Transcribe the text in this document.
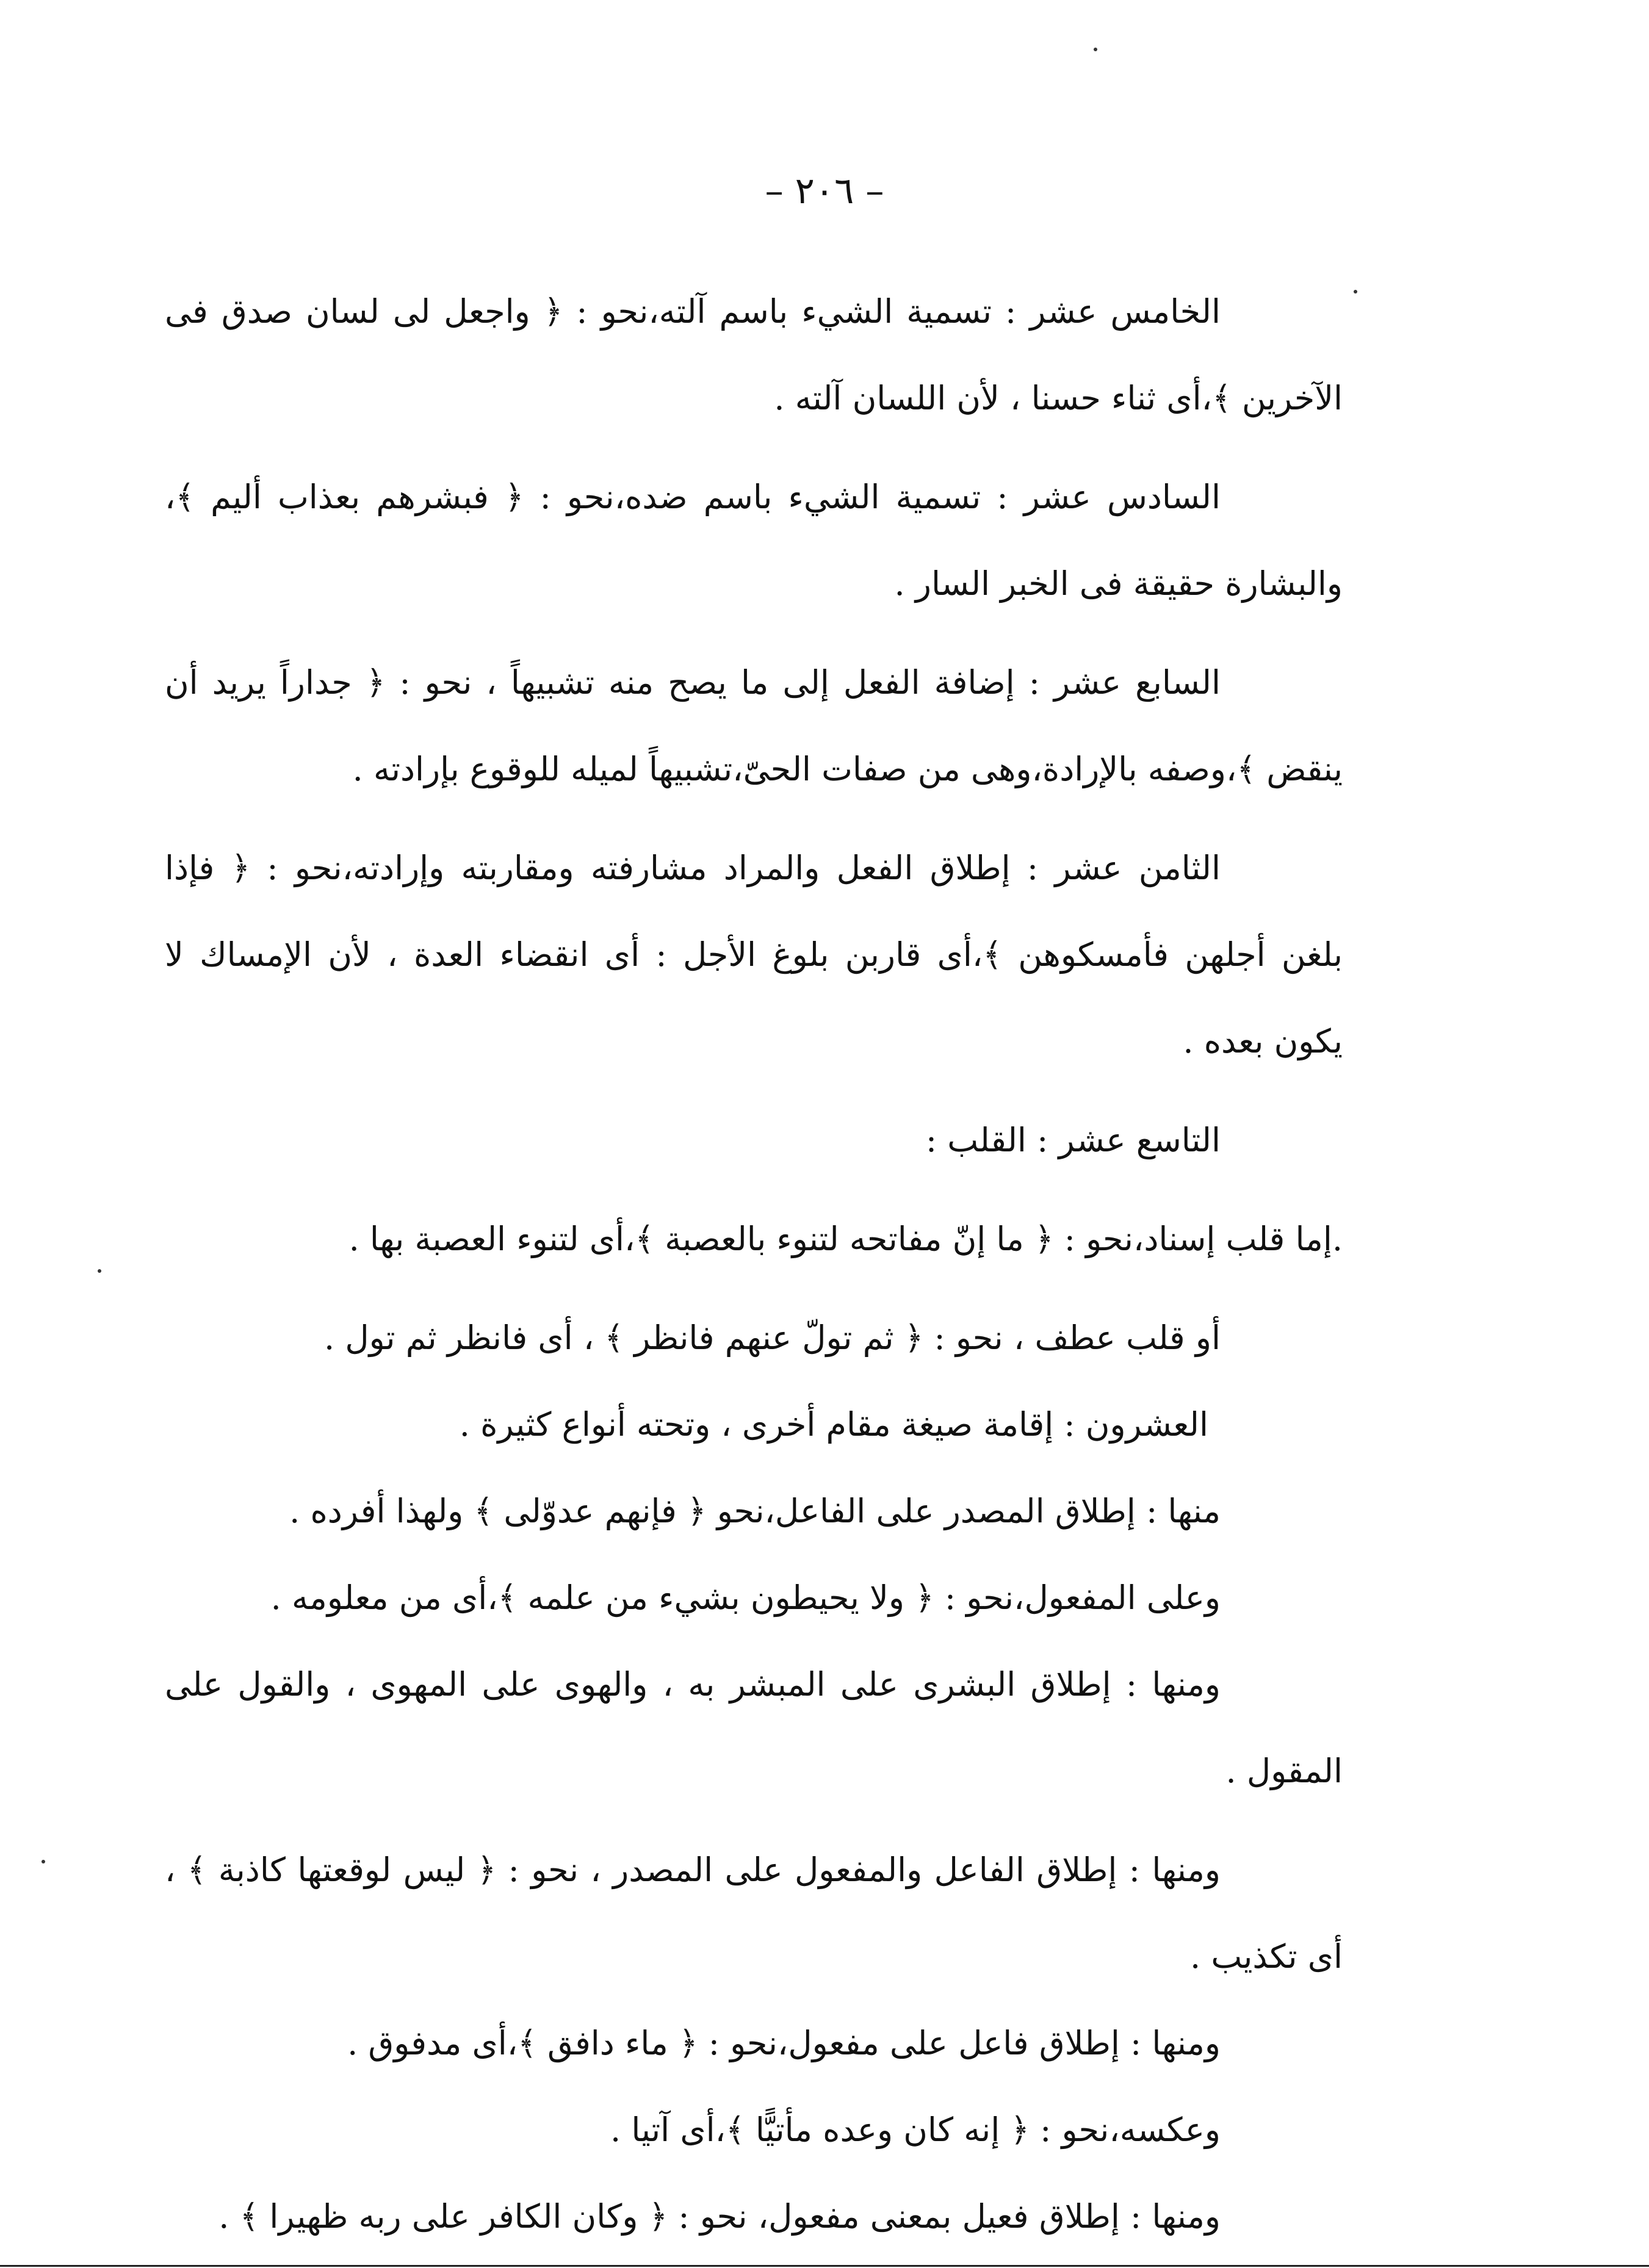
– ٢٠٦ –

الخامس عشر : تسمية الشيء باسم آلته،نحو : ﴿ واجعل لى لسان صدق فى الآخرين ﴾،أى ثناء حسنا ، لأن اللسان آلته .

السادس عشر : تسمية الشيء باسم ضده،نحو : ﴿ فبشرهم بعذاب أليم ﴾، والبشارة حقيقة فى الخبر السار .

السابع عشر : إضافة الفعل إلى ما يصح منه تشبيهاً ، نحو : ﴿ جداراً يريد أن ينقض ﴾،وصفه بالإرادة،وهى من صفات الحىّ،تشبيهاً لميله للوقوع بإرادته .

الثامن عشر : إطلاق الفعل والمراد مشارفته ومقاربته وإرادته،نحو : ﴿ فإذا بلغن أجلهن فأمسكوهن ﴾،أى قاربن بلوغ الأجل : أى انقضاء العدة ، لأن الإمساك لا يكون بعده .

التاسع عشر : القلب :

.إما قلب إسناد،نحو : ﴿ ما إنّ مفاتحه لتنوء بالعصبة ﴾،أى لتنوء العصبة بها .

أو قلب عطف ، نحو : ﴿ ثم تولّ عنهم فانظر ﴾ ، أى فانظر ثم تول .

العشرون : إقامة صيغة مقام أخرى ، وتحته أنواع كثيرة .

منها : إطلاق المصدر على الفاعل،نحو ﴿ فإنهم عدوّلى ﴾ ولهذا أفرده .

وعلى المفعول،نحو : ﴿ ولا يحيطون بشيء من علمه ﴾،أى من معلومه .

ومنها : إطلاق البشرى على المبشر به ، والهوى على المهوى ، والقول على المقول .

ومنها : إطلاق الفاعل والمفعول على المصدر ، نحو : ﴿ ليس لوقعتها كاذبة ﴾ ، أى تكذيب .

ومنها : إطلاق فاعل على مفعول،نحو : ﴿ ماء دافق ﴾،أى مدفوق .

وعكسه،نحو : ﴿ إنه كان وعده مأتيًّا ﴾،أى آتيا .

ومنها : إطلاق فعيل بمعنى مفعول، نحو : ﴿ وكان الكافر على ربه ظهيرا ﴾ .
